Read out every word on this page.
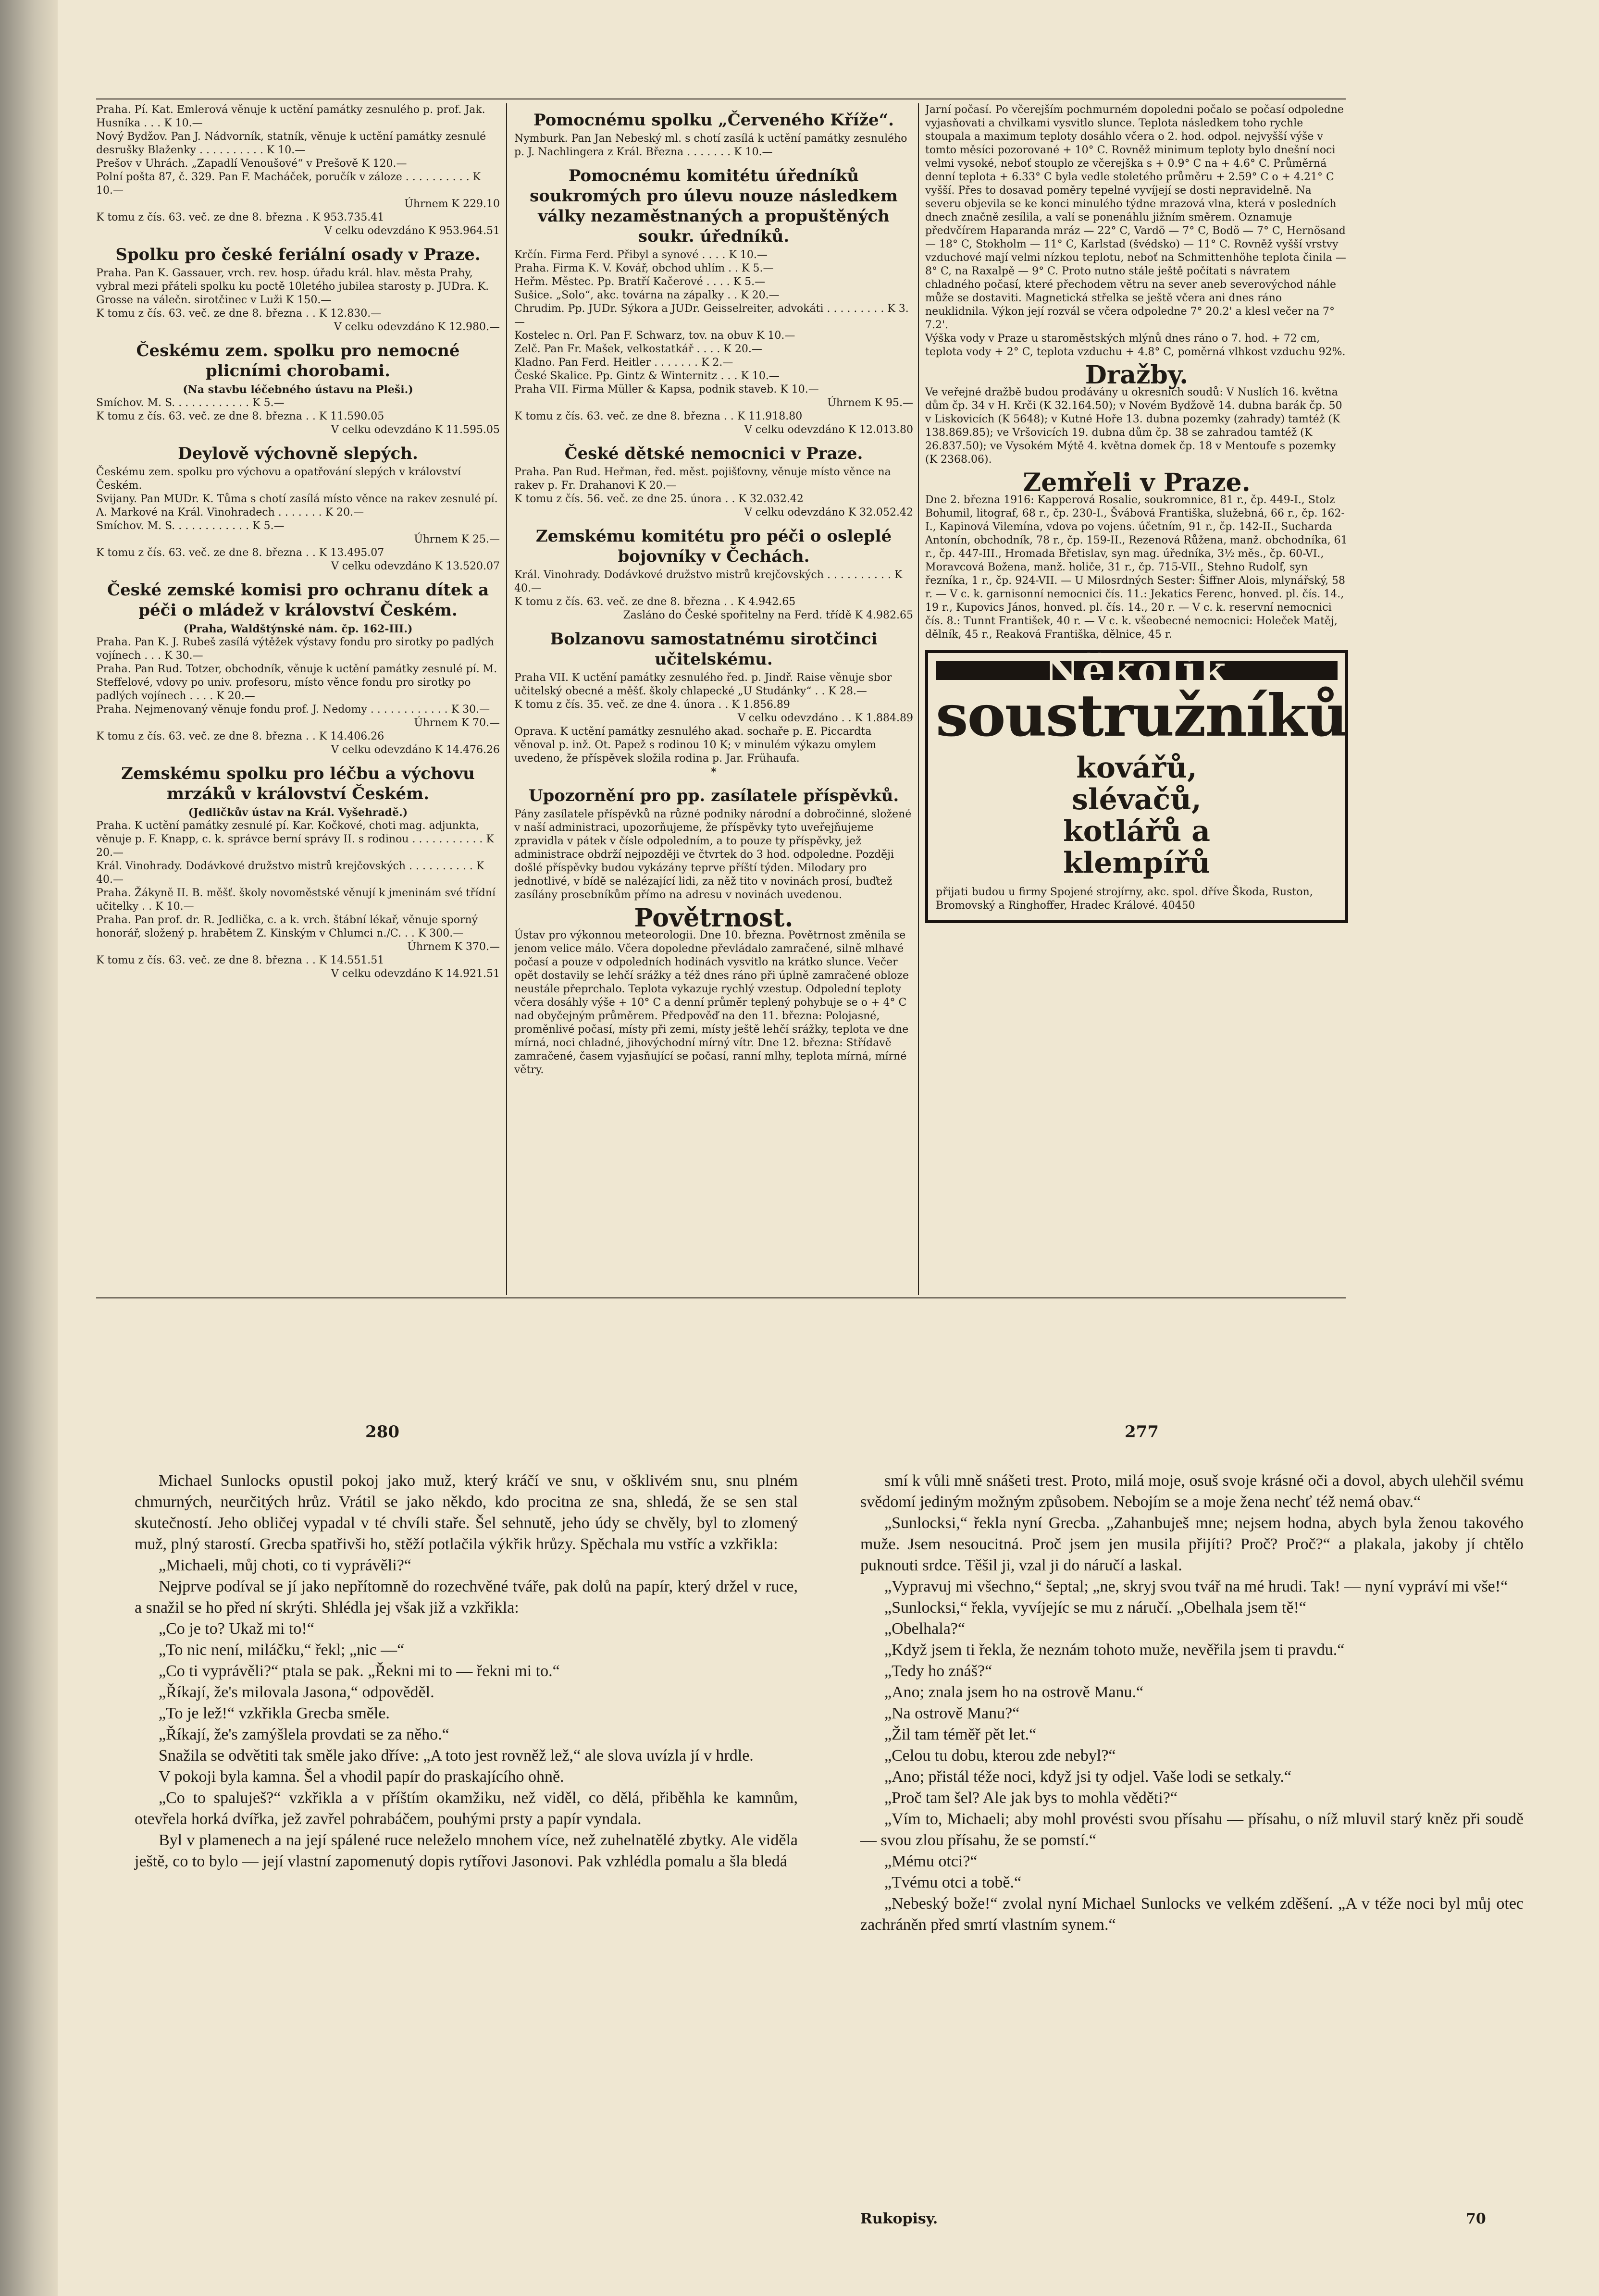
Praha. Pí. Kat. Emlerová věnuje k uctění památky zesnulého p. prof. Jak. Husníka . . . K 10.—
Nový Bydžov. Pan J. Nádvorník, statník, věnuje k uctění památky zesnulé desrušky Blaženky . . . . . . . . . . K 10.—
Prešov v Uhrách. „Zapadlí Venoušové“ v Prešově K 120.—
Polní pošta 87, č. 329. Pan F. Macháček, poručík v záloze . . . . . . . . . . K 10.—
Úhrnem K 229.10
K tomu z čís. 63. več. ze dne 8. března . K 953.735.41
V celku odevzdáno K 953.964.51
Spolku pro české feriální osady v Praze.
Praha. Pan K. Gassauer, vrch. rev. hosp. úřadu král. hlav. města Prahy, vybral mezi přáteli spolku ku poctě 10letého jubilea starosty p. JUDra. K. Grosse na válečn. sirotčinec v Luži K 150.—
K tomu z čís. 63. več. ze dne 8. března . . K 12.830.—
V celku odevzdáno K 12.980.—
Českému zem. spolku pro nemocné plicními chorobami.
(Na stavbu léčebného ústavu na Pleši.)
Smíchov. M. S. . . . . . . . . . . . K 5.—
K tomu z čís. 63. več. ze dne 8. března . . K 11.590.05
V celku odevzdáno K 11.595.05
Deylově výchovně slepých.
Českému zem. spolku pro výchovu a opatřování slepých v království Českém.
Svijany. Pan MUDr. K. Tůma s chotí zasílá místo věnce na rakev zesnulé pí. A. Markové na Král. Vinohradech . . . . . . . K 20.—
Smíchov. M. S. . . . . . . . . . . . K 5.—
Úhrnem K 25.—
K tomu z čís. 63. več. ze dne 8. března . . K 13.495.07
V celku odevzdáno K 13.520.07
České zemské komisi pro ochranu dítek a péči o mládež v království Českém.
(Praha, Waldštýnské nám. čp. 162-III.)
Praha. Pan K. J. Rubeš zasílá výtěžek výstavy fondu pro sirotky po padlých vojínech . . . K 30.—
Praha. Pan Rud. Totzer, obchodník, věnuje k uctění památky zesnulé pí. M. Steffelové, vdovy po univ. profesoru, místo věnce fondu pro sirotky po padlých vojínech . . . . K 20.—
Praha. Nejmenovaný věnuje fondu prof. J. Nedomy . . . . . . . . . . . . K 30.—
Úhrnem K 70.—
K tomu z čís. 63. več. ze dne 8. března . . K 14.406.26
V celku odevzdáno K 14.476.26
Zemskému spolku pro léčbu a výchovu mrzáků v království Českém.
(Jedličkův ústav na Král. Vyšehradě.)
Praha. K uctění památky zesnulé pí. Kar. Kočkové, choti mag. adjunkta, věnuje p. F. Knapp, c. k. správce berní správy II. s rodinou . . . . . . . . . . . K 20.—
Král. Vinohrady. Dodávkové družstvo mistrů krejčovských . . . . . . . . . . K 40.—
Praha. Žákyně II. B. měšť. školy novoměstské věnují k jmeninám své třídní učitelky . . K 10.—
Praha. Pan prof. dr. R. Jedlička, c. a k. vrch. štábní lékař, věnuje sporný honorář, složený p. hrabětem Z. Kinským v Chlumci n./C. . . K 300.—
Úhrnem K 370.—
K tomu z čís. 63. več. ze dne 8. března . . K 14.551.51
V celku odevzdáno K 14.921.51
Pomocnému spolku „Červeného Kříže“.
Nymburk. Pan Jan Nebeský ml. s chotí zasílá k uctění památky zesnulého p. J. Nachlingera z Král. Března . . . . . . . K 10.—
Pomocnému komitétu úředníků soukromých pro úlevu nouze následkem války nezaměstnaných a propuštěných soukr. úředníků.
Krčín. Firma Ferd. Přibyl a synové . . . . K 10.—
Praha. Firma K. V. Kovář, obchod uhlím . . K 5.—
Heřm. Městec. Pp. Bratří Kačerové . . . . K 5.—
Sušice. „Solo“, akc. továrna na zápalky . . K 20.—
Chrudim. Pp. JUDr. Sýkora a JUDr. Geisselreiter, advokáti . . . . . . . . . K 3.—
Kostelec n. Orl. Pan F. Schwarz, tov. na obuv K 10.—
Zelč. Pan Fr. Mašek, velkostatkář . . . . K 20.—
Kladno. Pan Ferd. Heitler . . . . . . . K 2.—
České Skalice. Pp. Gintz & Winternitz . . . K 10.—
Praha VII. Firma Müller & Kapsa, podnik staveb. K 10.—
Úhrnem K 95.—
K tomu z čís. 63. več. ze dne 8. března . . K 11.918.80
V celku odevzdáno K 12.013.80
České dětské nemocnici v Praze.
Praha. Pan Rud. Heřman, řed. měst. pojišťovny, věnuje místo věnce na rakev p. Fr. Drahanovi K 20.—
K tomu z čís. 56. več. ze dne 25. února . . K 32.032.42
V celku odevzdáno K 32.052.42
Zemskému komitétu pro péči o osleplé bojovníky v Čechách.
Král. Vinohrady. Dodávkové družstvo mistrů krejčovských . . . . . . . . . . K 40.—
K tomu z čís. 63. več. ze dne 8. března . . K 4.942.65
Zasláno do České spořitelny na Ferd. třídě K 4.982.65
Bolzanovu samostatnému sirotčinci učitelskému.
Praha VII. K uctění památky zesnulého řed. p. Jindř. Raise věnuje sbor učitelský obecné a měšť. školy chlapecké „U Studánky“ . . K 28.—
K tomu z čís. 35. več. ze dne 4. února . . K 1.856.89
V celku odevzdáno . . K 1.884.89
Oprava. K uctění památky zesnulého akad. sochaře p. E. Piccardta věnoval p. inž. Ot. Papež s rodinou 10 K; v minulém výkazu omylem uvedeno, že příspěvek složila rodina p. Jar. Frühaufa.
*
Upozornění pro pp. zasílatele příspěvků.
Pány zasílatele příspěvků na různé podniky národní a dobročinné, složené v naší administraci, upozorňujeme, že příspěvky tyto uveřejňujeme zpravidla v pátek v čísle odpoledním, a to pouze ty příspěvky, jež administrace obdrží nejpozději ve čtvrtek do 3 hod. odpoledne. Později došlé příspěvky budou vykázány teprve příští týden. Milodary pro jednotlivé, v bídě se nalézající lidi, za něž tito v novinách prosí, buďtež zasílány prosebníkům přímo na adresu v novinách uvedenou.
Povětrnost.
Ústav pro výkonnou meteorologii. Dne 10. března. Povětrnost změnila se jenom velice málo. Včera dopoledne převládalo zamračené, silně mlhavé počasí a pouze v odpoledních hodinách vysvitlo na krátko slunce. Večer opět dostavily se lehčí srážky a též dnes ráno při úplně zamračené obloze neustále přeprchalo. Teplota vykazuje rychlý vzestup. Odpolední teploty včera dosáhly výše + 10° C a denní průměr teplený pohybuje se o + 4° C nad obyčejným průměrem. Předpověď na den 11. března: Polojasné, proměnlivé počasí, místy při zemi, místy ještě lehčí srážky, teplota ve dne mírná, noci chladné, jihovýchodní mírný vítr. Dne 12. března: Střídavě zamračené, časem vyjasňující se počasí, ranní mlhy, teplota mírná, mírné větry.
Jarní počasí. Po včerejším pochmurném dopoledni počalo se počasí odpoledne vyjasňovati a chvilkami vysvitlo slunce. Teplota následkem toho rychle stoupala a maximum teploty dosáhlo včera o 2. hod. odpol. nejvyšší výše v tomto měsíci pozorované + 10° C. Rovněž minimum teploty bylo dnešní noci velmi vysoké, neboť stouplo ze včerejška s + 0.9° C na + 4.6° C. Průměrná denní teplota + 6.33° C byla vedle stoletého průměru + 2.59° C o + 4.21° C vyšší. Přes to dosavad poměry tepelné vyvíjejí se dosti nepravidelně. Na severu objevila se ke konci minulého týdne mrazová vlna, která v posledních dnech značně zesílila, a valí se ponenáhlu jižním směrem. Oznamuje předvčírem Haparanda mráz — 22° C, Vardö — 7° C, Bodö — 7° C, Hernösand — 18° C, Stokholm — 11° C, Karlstad (švédsko) — 11° C. Rovněž vyšší vrstvy vzduchové mají velmi nízkou teplotu, neboť na Schmittenhöhe teplota činila — 8° C, na Raxalpě — 9° C. Proto nutno stále ještě počítati s návratem chladného počasí, které přechodem větru na sever aneb severovýchod náhle může se dostaviti. Magnetická střelka se ještě včera ani dnes ráno neuklidnila. Výkon její rozvál se včera odpoledne 7° 20.2' a klesl večer na 7° 7.2'.
Výška vody v Praze u staroměstských mlýnů dnes ráno o 7. hod. + 72 cm, teplota vody + 2° C, teplota vzduchu + 4.8° C, poměrná vlhkost vzduchu 92%.
Dražby.
Ve veřejné dražbě budou prodávány u okresních soudů: V Nuslích 16. května dům čp. 34 v H. Krči (K 32.164.50); v Novém Bydžově 14. dubna barák čp. 50 v Liskovicích (K 5648); v Kutné Hoře 13. dubna pozemky (zahrady) tamtéž (K 138.869.85); ve Vršovicích 19. dubna dům čp. 38 se zahradou tamtéž (K 26.837.50); ve Vysokém Mýtě 4. května domek čp. 18 v Mentoufe s pozemky (K 2368.06).
Zemřeli v Praze.
Dne 2. března 1916: Kapperová Rosalie, soukromnice, 81 r., čp. 449-I., Stolz Bohumil, litograf, 68 r., čp. 230-I., Švábová Františka, služebná, 66 r., čp. 162-I., Kapinová Vilemína, vdova po vojens. účetním, 91 r., čp. 142-II., Suchardа Antonín, obchodník, 78 r., čp. 159-II., Rezenová Růžena, manž. obchodníka, 61 r., čp. 447-III., Hromada Břetislav, syn mag. úředníka, 3½ měs., čp. 60-VI., Moravcová Božena, manž. holiče, 31 r., čp. 715-VII., Stehno Rudolf, syn řezníka, 1 r., čp. 924-VII. — U Milosrdných Sester: Šiffner Alois, mlynářský, 58 r. — V c. k. garnisonní nemocnici čís. 11.: Jekatics Ferenc, honved. pl. čís. 14., 19 r., Kupovics János, honved. pl. čís. 14., 20 r. — V c. k. reservní nemocnici čís. 8.: Tunnt František, 40 r. — V c. k. všeobecné nemocnici: Holeček Matěj, dělník, 45 r., Reaková Františka, dělnice, 45 r.
Několik
soustružníků
kovářů,
slévačů,
kotlářů a
klempířů
přijati budou u firmy Spojené strojírny, akc. spol. dříve Škoda, Ruston, Bromovský a Ringhoffer, Hradec Králové. 40450
280	277

Michael Sunlocks opustil pokoj jako muž, který kráčí ve snu, v ošklivém snu, snu plném chmurných, neurčitých hrůz. Vrátil se jako někdo, kdo procitna ze sna, shledá, že se sen stal skutečností. Jeho obličej vypadal v té chvíli staře. Šel sehnutě, jeho údy se chvěly, byl to zlomený muž, plný starostí. Grecba spatřivši ho, stěží potlačila výkřik hrůzy. Spěchala mu vstříc a vzkřikla:

„Michaeli, můj choti, co ti vyprávěli?“

Nejprve podíval se jí jako nepřítomně do rozechvěné tváře, pak dolů na papír, který držel v ruce, a snažil se ho před ní skrýti. Shlédla jej však již a vzkřikla:

„Co je to? Ukaž mi to!“

„To nic není, miláčku,“ řekl; „nic —“

„Co ti vyprávěli?“ ptala se pak. „Řekni mi to — řekni mi to.“

„Říkají, že's milovala Jasona,“ odpověděl.

„To je lež!“ vzkřikla Grecba směle.

„Říkají, že's zamýšlela provdati se za něho.“

Snažila se odvětiti tak směle jako dříve: „A toto jest rovněž lež,“ ale slova uvízla jí v hrdle.

V pokoji byla kamna. Šel a vhodil papír do praskajícího ohně.

„Co to spaluješ?“ vzkřikla a v příštím okamžiku, než viděl, co dělá, přiběhla ke kamnům, otevřela horká dvířka, jež zavřel pohrabáčem, pouhými prsty a papír vyndala.

Byl v plamenech a na její spálené ruce neleželo mnohem více, než zuhelnatělé zbytky. Ale viděla ještě, co to bylo — její vlastní zapomenutý dopis rytířovi Jasonovi. Pak vzhlédla pomalu a šla bledá

smí k vůli mně snášeti trest. Proto, milá moje, osuš svoje krásné oči a dovol, abych ulehčil svému svědomí jediným možným způsobem. Nebojím se a moje žena nechť též nemá obav.“

„Sunlocksi,“ řekla nyní Grecba. „Zahanbuješ mne; nejsem hodna, abych byla ženou takového muže. Jsem nesoucitná. Proč jsem jen musila přijíti? Proč? Proč?“ a plakala, jakoby jí chtělo puknouti srdce. Těšil ji, vzal ji do náručí a laskal.

„Vypravuj mi všechno,“ šeptal; „ne, skryj svou tvář na mé hrudi. Tak! — nyní vypráví mi vše!“

„Sunlocksi,“ řekla, vyvíjejíc se mu z náručí. „Obelhala jsem tě!“

„Obelhala?“

„Když jsem ti řekla, že neznám tohoto muže, nevěřila jsem ti pravdu.“

„Tedy ho znáš?“

„Ano; znala jsem ho na ostrově Manu.“

„Na ostrově Manu?“

„Žil tam téměř pět let.“

„Celou tu dobu, kterou zde nebyl?“

„Ano; přistál téže noci, když jsi ty odjel. Vaše lodi se setkaly.“

„Proč tam šel? Ale jak bys to mohla věděti?“

„Vím to, Michaeli; aby mohl provésti svou přísahu — přísahu, o níž mluvil starý kněz při soudě — svou zlou přísahu, že se pomstí.“

„Mému otci?“

„Tvému otci a tobě.“

„Nebeský bože!“ zvolal nyní Michael Sunlocks ve velkém zděšení. „A v téže noci byl můj otec zachráněn před smrtí vlastním synem.“

Rukopisy.	70
